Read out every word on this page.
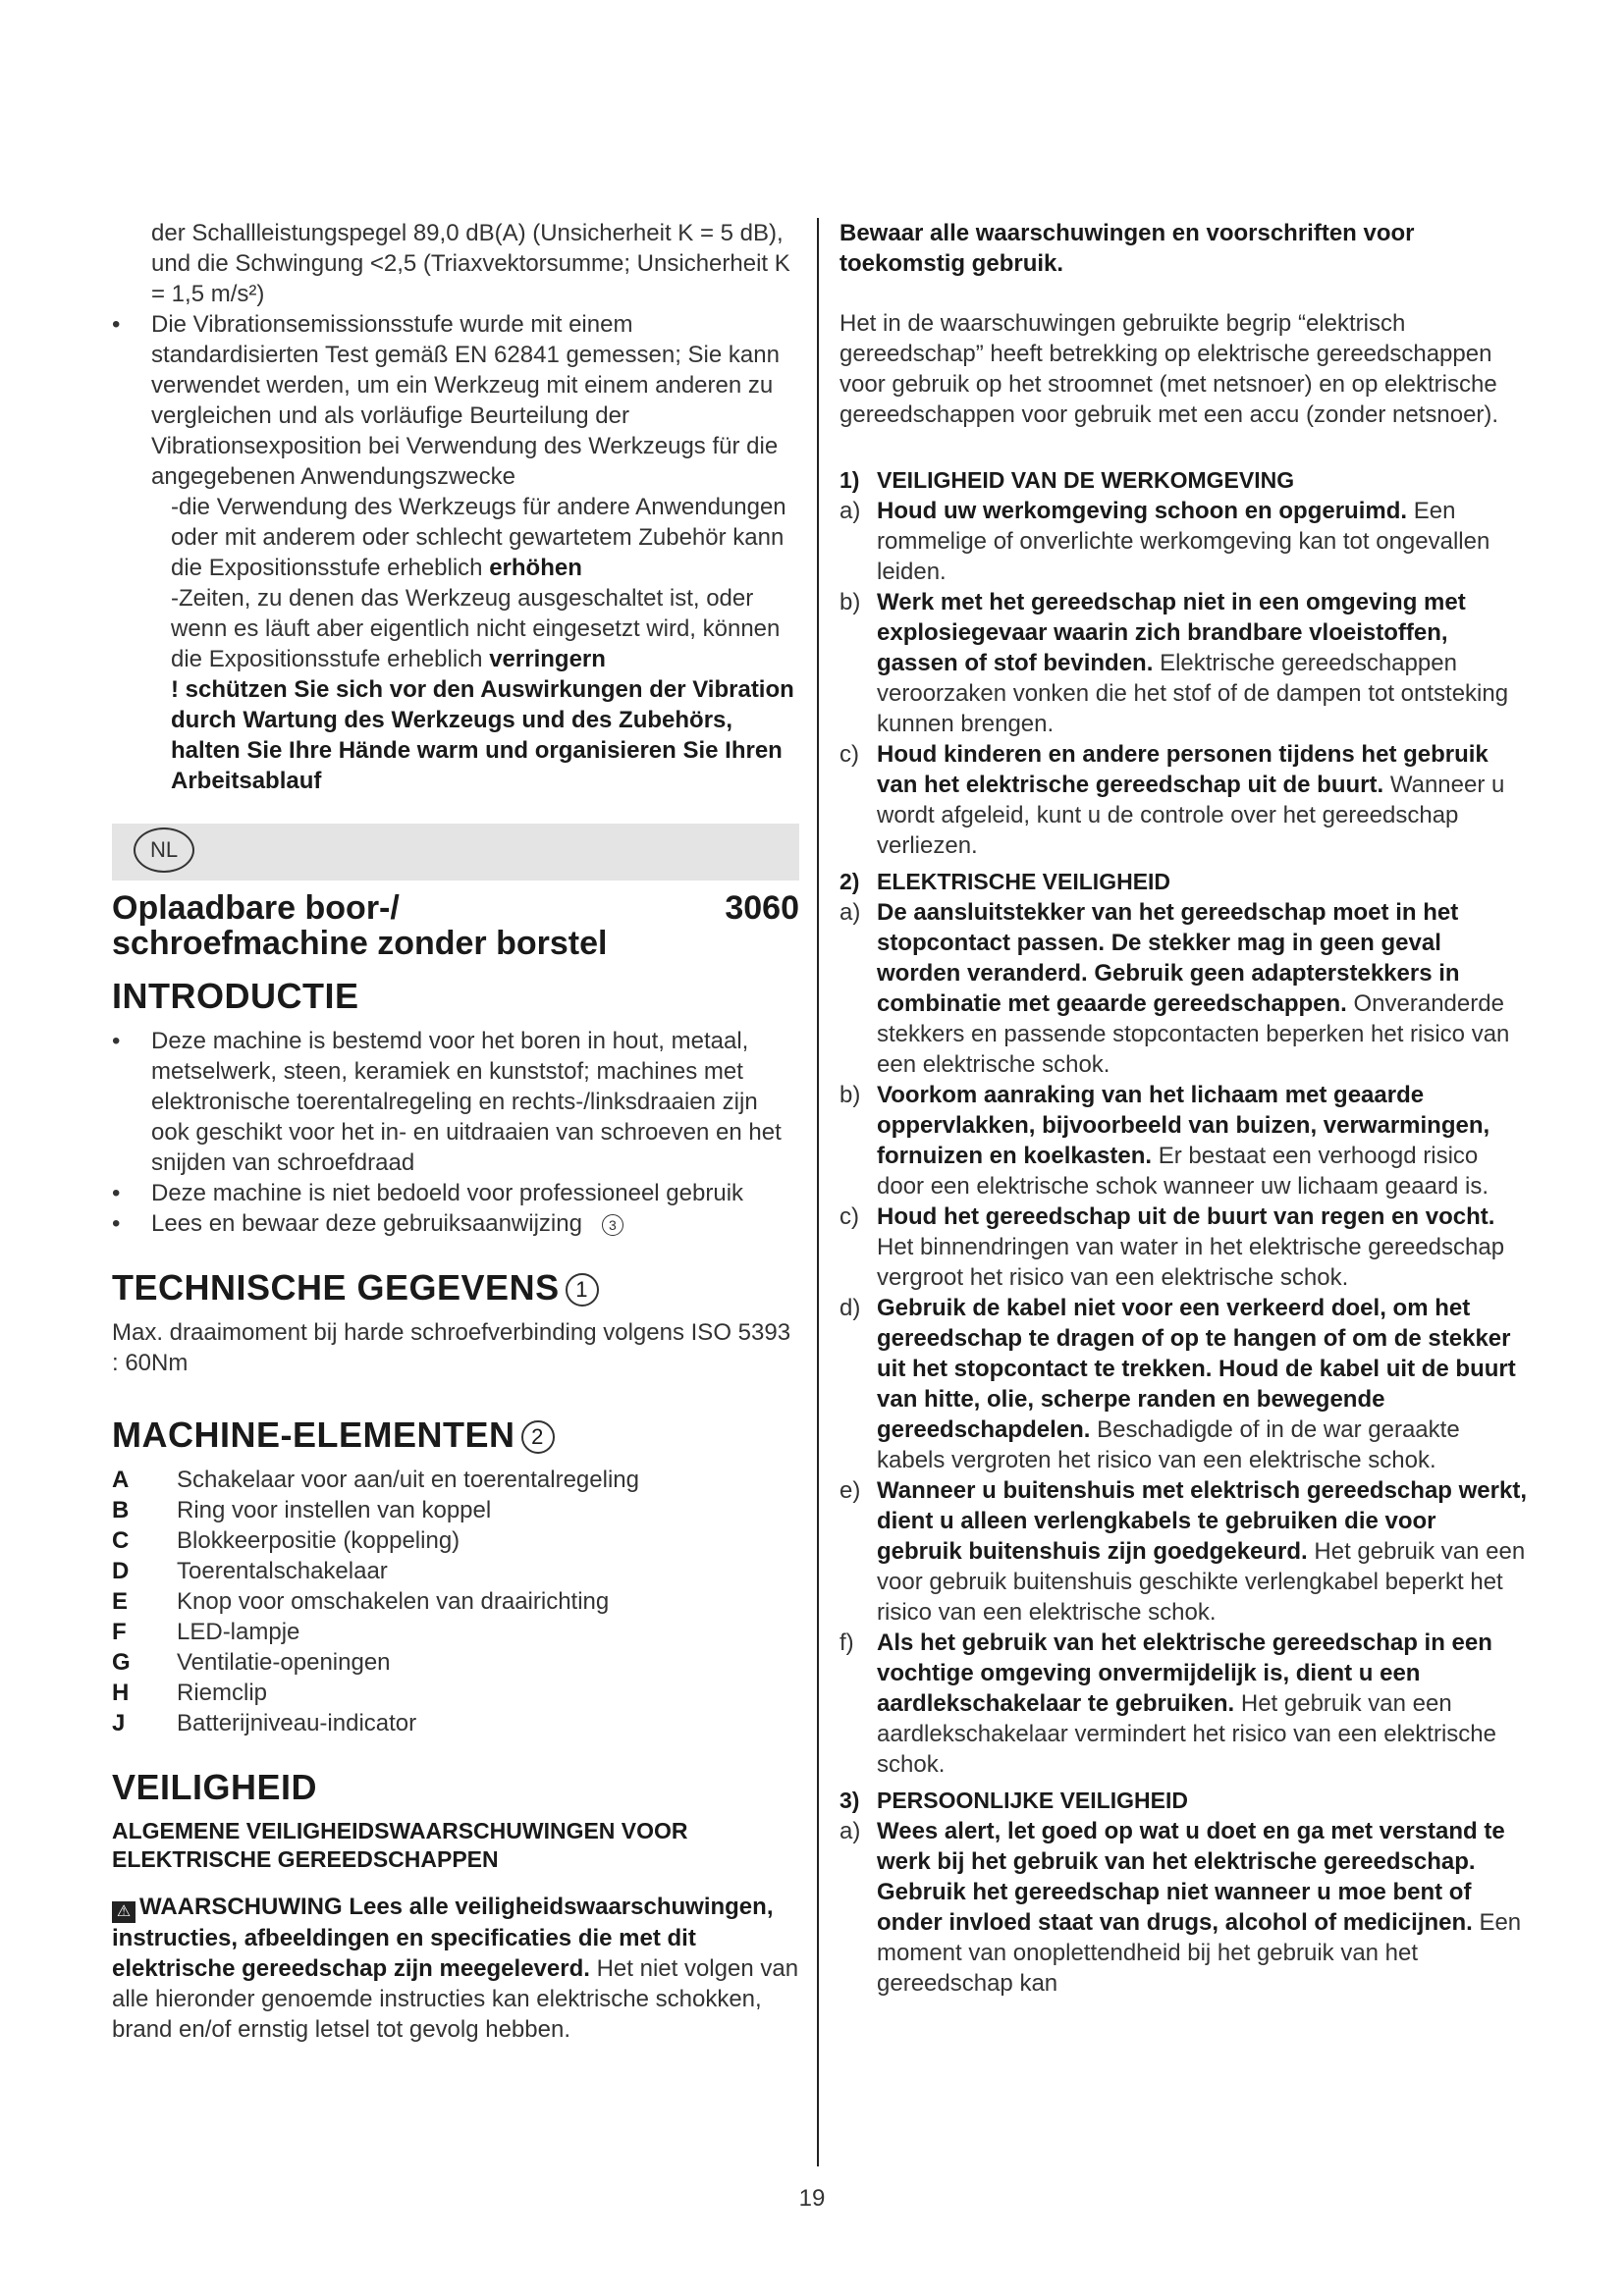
der Schallleistungspegel 89,0 dB(A) (Unsicherheit K = 5 dB), und die Schwingung <2,5 (Triaxvektorsumme; Unsicherheit K = 1,5 m/s²)

• Die Vibrationsemissionsstufe wurde mit einem standardisierten Test gemäß EN 62841 gemessen; Sie kann verwendet werden, um ein Werkzeug mit einem anderen zu vergleichen und als vorläufige Beurteilung der Vibrationsexposition bei Verwendung des Werkzeugs für die angegebenen Anwendungszwecke

-die Verwendung des Werkzeugs für andere Anwendungen oder mit anderem oder schlecht gewartetem Zubehör kann die Expositionsstufe erheblich erhöhen

-Zeiten, zu denen das Werkzeug ausgeschaltet ist, oder wenn es läuft aber eigentlich nicht eingesetzt wird, können die Expositionsstufe erheblich verringern

! schützen Sie sich vor den Auswirkungen der Vibration durch Wartung des Werkzeugs und des Zubehörs, halten Sie Ihre Hände warm und organisieren Sie Ihren Arbeitsablauf

NL
Oplaadbare boor-/ schroefmachine zonder borstel
3060
INTRODUCTIE
• Deze machine is bestemd voor het boren in hout, metaal, metselwerk, steen, keramiek en kunststof; machines met elektronische toerentalregeling en rechts-/linksdraaien zijn ook geschikt voor het in- en uitdraaien van schroeven en het snijden van schroefdraad
• Deze machine is niet bedoeld voor professioneel gebruik
• Lees en bewaar deze gebruiksaanwijzing 3
TECHNISCHE GEGEVENS 1

Max. draaimoment bij harde schroefverbinding volgens ISO 5393 : 60Nm

MACHINE-ELEMENTEN 2
A	Schakelaar voor aan/uit en toerentalregeling
B	Ring voor instellen van koppel
C	Blokkeerpositie (koppeling)
D	Toerentalschakelaar
E	Knop voor omschakelen van draairichting
F	LED-lampje
G	Ventilatie-openingen
H	Riemclip
J	Batterijniveau-indicator
VEILIGHEID
ALGEMENE VEILIGHEIDSWAARSCHUWINGEN VOOR ELEKTRISCHE GEREEDSCHAPPEN

⚠ WAARSCHUWING Lees alle veiligheidswaarschuwingen, instructies, afbeeldingen en specificaties die met dit elektrische gereedschap zijn meegeleverd. Het niet volgen van alle hieronder genoemde instructies kan elektrische schokken, brand en/of ernstig letsel tot gevolg hebben.

Bewaar alle waarschuwingen en voorschriften voor toekomstig gebruik.

Het in de waarschuwingen gebruikte begrip “elektrisch gereedschap” heeft betrekking op elektrische gereedschappen voor gebruik op het stroomnet (met netsnoer) en op elektrische gereedschappen voor gebruik met een accu (zonder netsnoer).

1) VEILIGHEID VAN DE WERKOMGEVING
a) Houd uw werkomgeving schoon en opgeruimd. Een rommelige of onverlichte werkomgeving kan tot ongevallen leiden.
b) Werk met het gereedschap niet in een omgeving met explosiegevaar waarin zich brandbare vloeistoffen, gassen of stof bevinden. Elektrische gereedschappen veroorzaken vonken die het stof of de dampen tot ontsteking kunnen brengen.
c) Houd kinderen en andere personen tijdens het gebruik van het elektrische gereedschap uit de buurt. Wanneer u wordt afgeleid, kunt u de controle over het gereedschap verliezen.
2) ELEKTRISCHE VEILIGHEID
a) De aansluitstekker van het gereedschap moet in het stopcontact passen. De stekker mag in geen geval worden veranderd. Gebruik geen adapterstekkers in combinatie met geaarde gereedschappen. Onveranderde stekkers en passende stopcontacten beperken het risico van een elektrische schok.
b) Voorkom aanraking van het lichaam met geaarde oppervlakken, bijvoorbeeld van buizen, verwarmingen, fornuizen en koelkasten. Er bestaat een verhoogd risico door een elektrische schok wanneer uw lichaam geaard is.
c) Houd het gereedschap uit de buurt van regen en vocht. Het binnendringen van water in het elektrische gereedschap vergroot het risico van een elektrische schok.
d) Gebruik de kabel niet voor een verkeerd doel, om het gereedschap te dragen of op te hangen of om de stekker uit het stopcontact te trekken. Houd de kabel uit de buurt van hitte, olie, scherpe randen en bewegende gereedschapdelen. Beschadigde of in de war geraakte kabels vergroten het risico van een elektrische schok.
e) Wanneer u buitenshuis met elektrisch gereedschap werkt, dient u alleen verlengkabels te gebruiken die voor gebruik buitenshuis zijn goedgekeurd. Het gebruik van een voor gebruik buitenshuis geschikte verlengkabel beperkt het risico van een elektrische schok.
f) Als het gebruik van het elektrische gereedschap in een vochtige omgeving onvermijdelijk is, dient u een aardlekschakelaar te gebruiken. Het gebruik van een aardlekschakelaar vermindert het risico van een elektrische schok.
3) PERSOONLIJKE VEILIGHEID
a) Wees alert, let goed op wat u doet en ga met verstand te werk bij het gebruik van het elektrische gereedschap. Gebruik het gereedschap niet wanneer u moe bent of onder invloed staat van drugs, alcohol of medicijnen. Een moment van onoplettendheid bij het gebruik van het gereedschap kan
19
